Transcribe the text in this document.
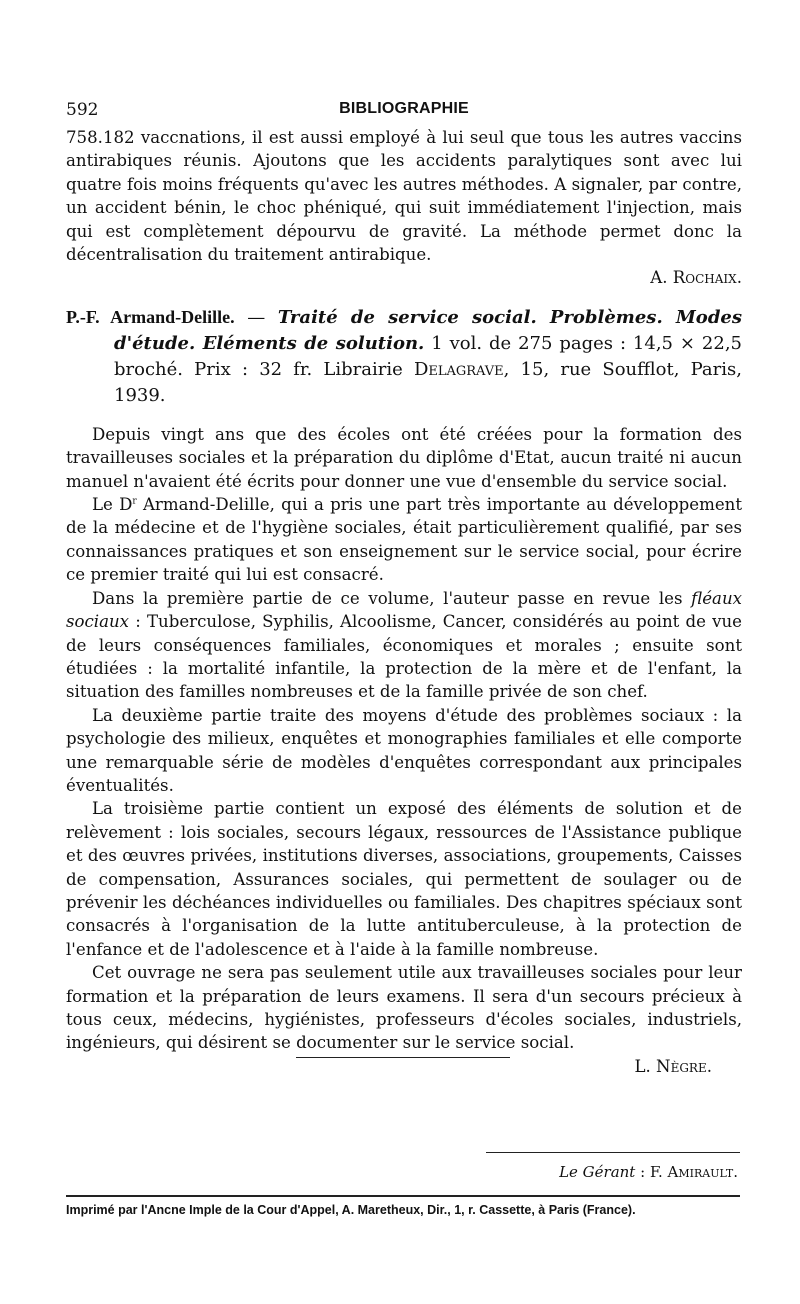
592	BIBLIOGRAPHIE

758.182 vaccnations, il est aussi employé à lui seul que tous les autres vaccins antirabiques réunis. Ajoutons que les accidents paralytiques sont avec lui quatre fois moins fréquents qu'avec les autres méthodes. A signaler, par contre, un accident bénin, le choc phéniqué, qui suit immédiatement l'injection, mais qui est complètement dépourvu de gravité. La méthode permet donc la décentralisation du traitement antirabique.

A. Rochaix.
P.-F. Armand-Delille. — Traité de service social. Problèmes. Modes d'étude. Eléments de solution. 1 vol. de 275 pages : 14,5 × 22,5 broché. Prix : 32 fr. Librairie Delagrave, 15, rue Soufflot, Paris, 1939.

Depuis vingt ans que des écoles ont été créées pour la formation des travailleuses sociales et la préparation du diplôme d'Etat, aucun traité ni aucun manuel n'avaient été écrits pour donner une vue d'ensemble du service social.

Le $D^r$ Armand-Delille, qui a pris une part très importante au développement de la médecine et de l'hygiène sociales, était particulièrement qualifié, par ses connaissances pratiques et son enseignement sur le service social, pour écrire ce premier traité qui lui est consacré.

Dans la première partie de ce volume, l'auteur passe en revue les fléaux sociaux : Tuberculose, Syphilis, Alcoolisme, Cancer, considérés au point de vue de leurs conséquences familiales, économiques et morales ; ensuite sont étudiées : la mortalité infantile, la protection de la mère et de l'enfant, la situation des familles nombreuses et de la famille privée de son chef.

La deuxième partie traite des moyens d'étude des problèmes sociaux : la psychologie des milieux, enquêtes et monographies familiales et elle comporte une remarquable série de modèles d'enquêtes correspondant aux principales éventualités.

La troisième partie contient un exposé des éléments de solution et de relèvement : lois sociales, secours légaux, ressources de l'Assistance publique et des œuvres privées, institutions diverses, associations, groupements, Caisses de compensation, Assurances sociales, qui permettent de soulager ou de prévenir les déchéances individuelles ou familiales. Des chapitres spéciaux sont consacrés à l'organisation de la lutte antituberculeuse, à la protection de l'enfance et de l'adolescence et à l'aide à la famille nombreuse.

Cet ouvrage ne sera pas seulement utile aux travailleuses sociales pour leur formation et la préparation de leurs examens. Il sera d'un secours précieux à tous ceux, médecins, hygiénistes, professeurs d'écoles sociales, industriels, ingénieurs, qui désirent se documenter sur le service social.

L. Nègre.
Le Gérant : F. Amirault.
Imprimé par l'Ancne Imple de la Cour d'Appel, A. Maretheux, Dir., 1, r. Cassette, à Paris (France).
